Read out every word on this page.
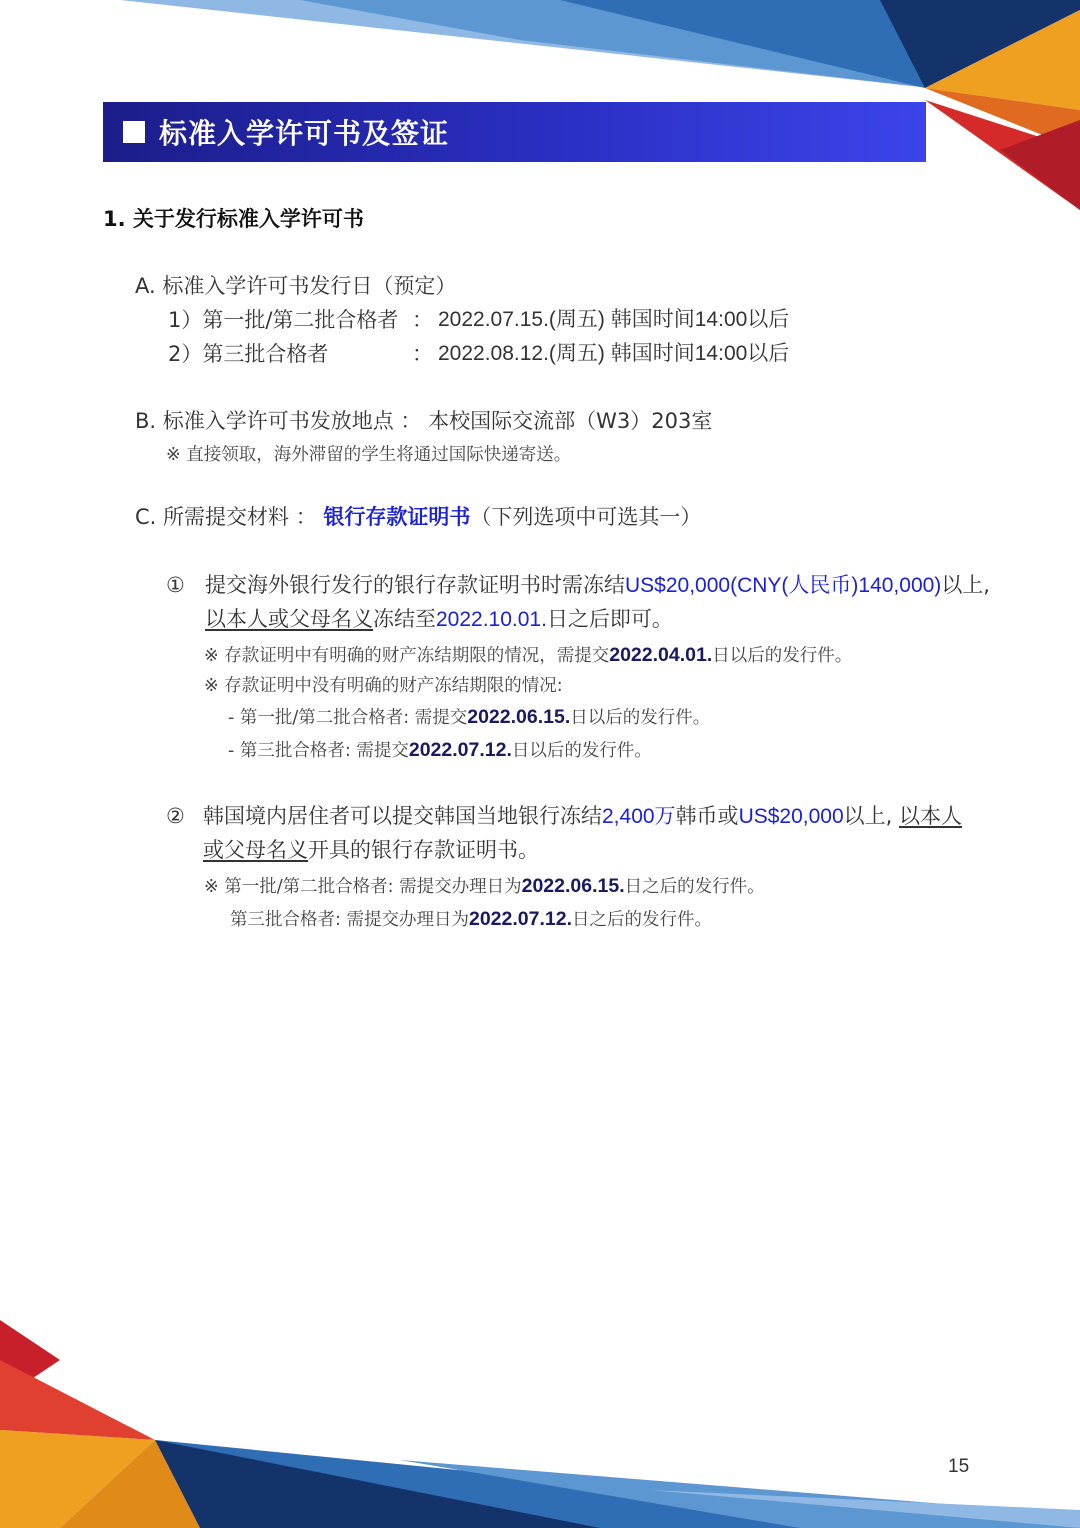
标准入学许可书及签证
1. 关于发行标准入学许可书
A. 标准入学许可书发行日（预定）
1）第一批/第二批合格者 ： 2022.07.15.(周五) 韩国时间14:00以后
2）第三批合格者	： 2022.08.12.(周五) 韩国时间14:00以后
B. 标准入学许可书发放地点 ： 本校国际交流部（W3）203室
※ 直接领取，海外滞留的学生将通过国际快递寄送。
C. 所需提交材料 ： 银行存款证明书（下列选项中可选其一）
① 提交海外银行发行的银行存款证明书时需冻结US$20,000(CNY(人民币)140,000)以上,
以本人或父母名义冻结至2022.10.01.日之后即可。
※ 存款证明中有明确的财产冻结期限的情况，需提交2022.04.01.日以后的发行件。
※ 存款证明中没有明确的财产冻结期限的情况:
- 第一批/第二批合格者: 需提交2022.06.15.日以后的发行件。
- 第三批合格者: 需提交2022.07.12.日以后的发行件。
② 韩国境内居住者可以提交韩国当地银行冻结2,400万韩币或US$20,000以上, 以本人
或父母名义开具的银行存款证明书。
※ 第一批/第二批合格者: 需提交办理日为2022.06.15.日之后的发行件。
第三批合格者: 需提交办理日为2022.07.12.日之后的发行件。
15
